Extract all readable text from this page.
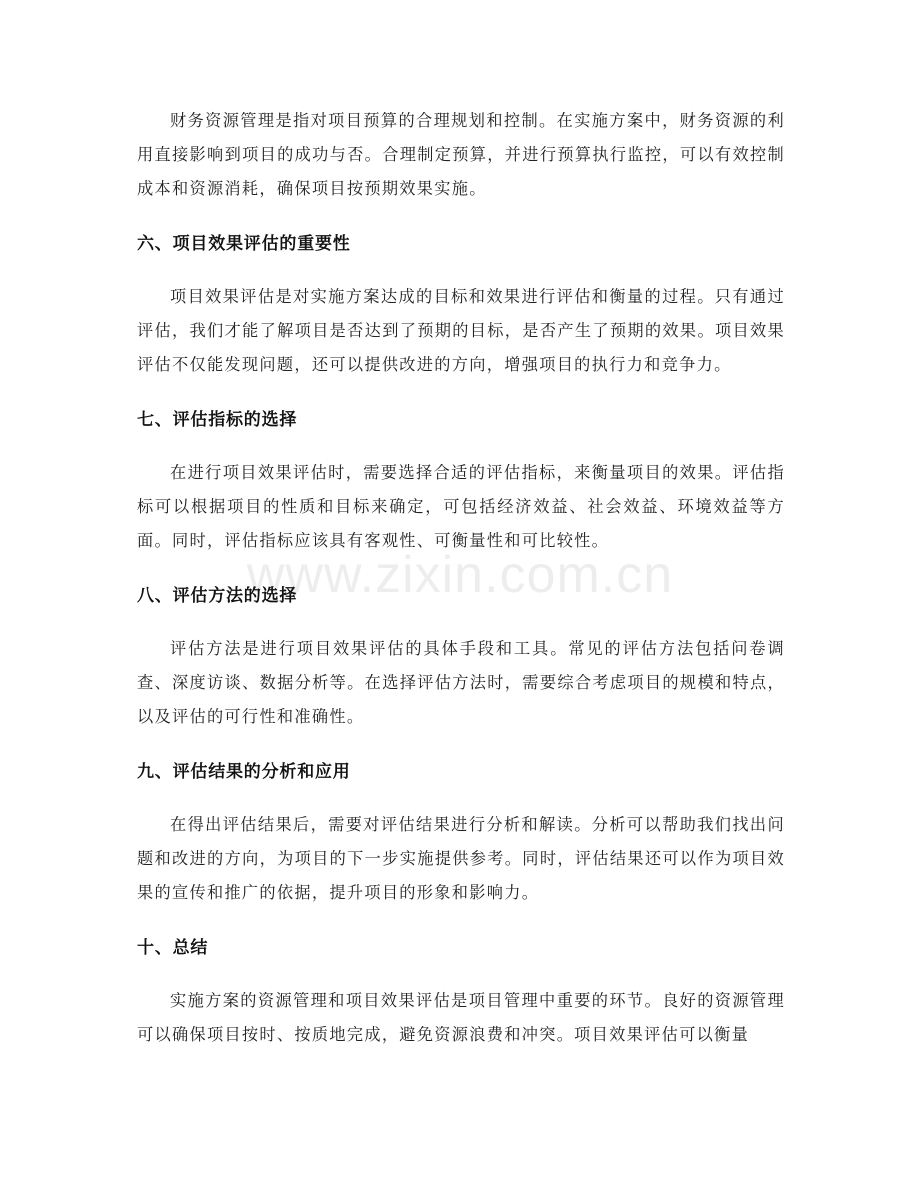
财务资源管理是指对项目预算的合理规划和控制。在实施方案中，财务资源的利用直接影响到项目的成功与否。合理制定预算，并进行预算执行监控，可以有效控制成本和资源消耗，确保项目按预期效果实施。

六、项目效果评估的重要性

项目效果评估是对实施方案达成的目标和效果进行评估和衡量的过程。只有通过评估，我们才能了解项目是否达到了预期的目标，是否产生了预期的效果。项目效果评估不仅能发现问题，还可以提供改进的方向，增强项目的执行力和竞争力。

七、评估指标的选择

在进行项目效果评估时，需要选择合适的评估指标，来衡量项目的效果。评估指标可以根据项目的性质和目标来确定，可包括经济效益、社会效益、环境效益等方面。同时，评估指标应该具有客观性、可衡量性和可比较性。

八、评估方法的选择

评估方法是进行项目效果评估的具体手段和工具。常见的评估方法包括问卷调查、深度访谈、数据分析等。在选择评估方法时，需要综合考虑项目的规模和特点，以及评估的可行性和准确性。

九、评估结果的分析和应用

在得出评估结果后，需要对评估结果进行分析和解读。分析可以帮助我们找出问题和改进的方向，为项目的下一步实施提供参考。同时，评估结果还可以作为项目效果的宣传和推广的依据，提升项目的形象和影响力。

十、总结

实施方案的资源管理和项目效果评估是项目管理中重要的环节。良好的资源管理可以确保项目按时、按质地完成，避免资源浪费和冲突。项目效果评估可以衡量

www.zixin.com.cn
